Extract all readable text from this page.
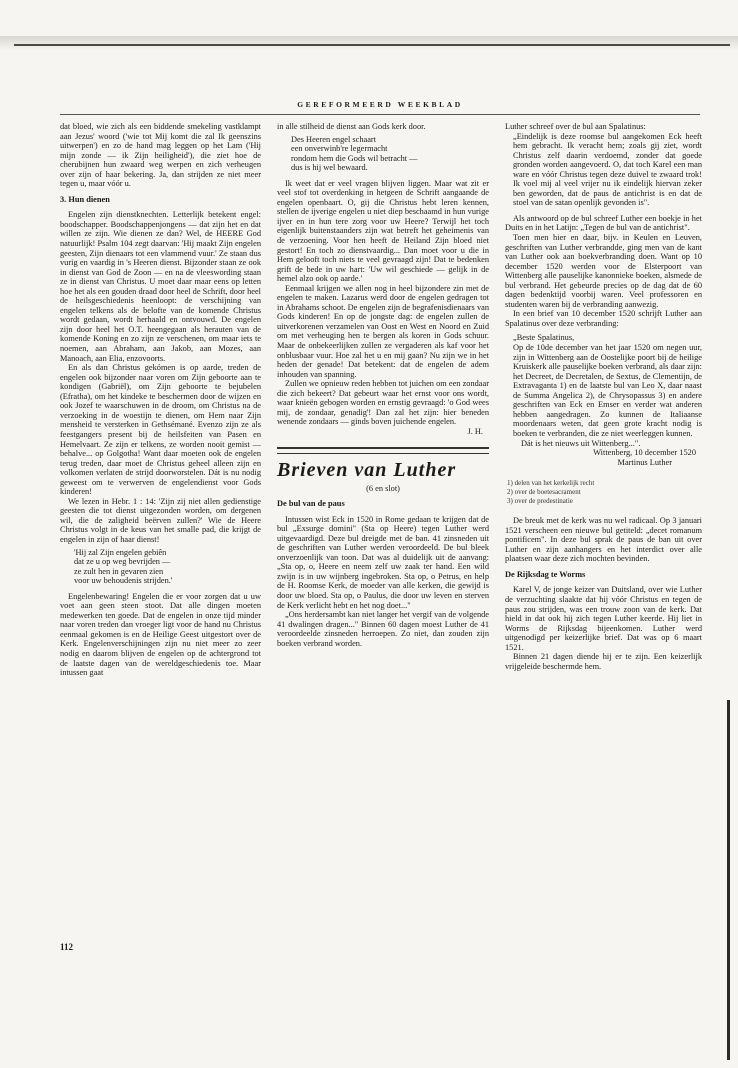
GEREFORMEERD WEEKBLAD

dat bloed, wie zich als een biddende smekeling vastklampt aan Jezus' woord ('wie tot Mij komt die zal Ik geenszins uitwerpen') en zo de hand mag leggen op het Lam ('Hij mijn zonde — ik Zijn heiligheid'), die ziet hoe de cherubijnen hun zwaard weg werpen en zich verheugen over zijn of haar bekering. Ja, dan strijden ze niet meer tegen u, maar vóór u.

3. Hun dienen

Engelen zijn dienstknechten. Letterlijk betekent engel: boodschapper. Boodschappenjongens — dat zijn het en dat willen ze zijn. Wie dienen ze dan? Wel, de HEERE God natuurlijk! Psalm 104 zegt daarvan: 'Hij maakt Zijn engelen geesten, Zijn dienaars tot een vlammend vuur.' Ze staan dus vurig en vaardig in 's Heeren dienst. Bijzonder staan ze ook in dienst van God de Zoon — en na de vleeswording staan ze in dienst van Christus. U moet daar maar eens op letten hoe het als een gouden draad door heel de Schrift, door heel de heilsgeschiedenis heenloopt: de verschijning van engelen telkens als de belofte van de komende Christus wordt gedaan, wordt herhaald en ontvouwd. De engelen zijn door heel het O.T. heengegaan als herauten van de komende Koning en zo zijn ze verschenen, om maar iets te noemen, aan Abraham, aan Jakob, aan Mozes, aan Manoach, aan Elia, enzovoorts.

En als dan Christus gekómen is op aarde, treden de engelen ook bijzonder naar voren om Zijn geboorte aan te kondigen (Gabriël), om Zijn geboorte te bejubelen (Efratha), om het kindeke te beschermen door de wijzen en ook Jozef te waarschuwen in de droom, om Christus na de verzoeking in de woestijn te dienen, om Hem naar Zijn mensheid te versterken in Gethsémané. Evenzo zijn ze als feestgangers present bij de heilsfeiten van Pasen en Hemelvaart. Ze zijn er telkens, ze worden nooit gemist — behalve... op Golgotha! Want daar moeten ook de engelen terug treden, daar moet de Christus geheel alleen zijn en volkomen verlaten de strijd doorworstelen. Dát is nu nodig geweest om te verwerven de engelendienst voor Gods kinderen!

We lezen in Hebr. 1 : 14: 'Zijn zij niet allen gedienstige geesten die tot dienst uitgezonden worden, om dergenen wil, die de zaligheid beërven zullen?' Wie de Heere Christus volgt in de keus van het smalle pad, die krijgt de engelen in zijn of haar dienst!

'Hij zal Zijn engelen gebiên
dat ze u op weg bevrijden —
ze zult hen in gevaren zien
voor uw behoudenis strijden.'

Engelenbewaring! Engelen die er voor zorgen dat u uw voet aan geen steen stoot. Dat alle dingen moeten medewerken ten goede. Dat de engelen in onze tijd minder naar voren treden dan vroeger ligt voor de hand nu Christus eenmaal gekomen is en de Heilige Geest uitgestort over de Kerk. Engelenverschijningen zijn nu niet meer zo zeer nodig en daarom blijven de engelen op de achtergrond tot de laatste dagen van de wereldgeschiedenis toe. Maar intussen gaat

in alle stilheid de dienst aan Gods kerk door.

Des Heeren engel schaart
een onverwinb're legermacht
rondom hem die Gods wil betracht —
dus is hij wel bewaard.

Ik weet dat er veel vragen blijven liggen. Maar wat zit er veel stof tot overdenking in hetgeen de Schrift aangaande de engelen openbaart. O, gij die Christus hebt leren kennen, stellen de ijverige engelen u niet diep beschaamd in hun vurige ijver en in hun tere zorg voor uw Heere? Terwijl het toch eigenlijk buitenstaanders zijn wat betreft het geheimenis van de verzoening. Voor hen heeft de Heiland Zijn bloed niet gestort! En toch zo dienstvaardig... Dan moet voor u die in Hem gelooft toch niets te veel gevraagd zijn! Dat te bedenken grift de bede in uw hart: 'Uw wil geschiede — gelijk in de hemel alzo ook op aarde.'

Eenmaal krijgen we allen nog in heel bijzondere zin met de engelen te maken. Lazarus werd door de engelen gedragen tot in Abrahams schoot. De engelen zijn de begrafenisdienaars van Gods kinderen! En op de jongste dag: de engelen zullen de uitverkorenen verzamelen van Oost en West en Noord en Zuid om met verheuging hen te bergen als koren in Gods schuur. Maar de onbekeerlijken zullen ze vergaderen als kaf voor het onblusbaar vuur. Hoe zal het u en mij gaan? Nu zijn we in het heden der genade! Dat betekent: dat de engelen de adem inhouden van spanning.

Zullen we opnieuw reden hebben tot juichen om een zondaar die zich bekeert? Dat gebeurt waar het ernst voor ons wordt, waar knieën gebogen worden en ernstig gevraagd: 'o God wees mij, de zondaar, genadig'! Dan zal het zijn: hier beneden wenende zondaars — ginds boven juichende engelen.

J. H.

Brieven van Luther

(6 en slot)

De bul van de paus

Intussen wist Eck in 1520 in Rome gedaan te krijgen dat de bul „Exsurge domini" (Sta op Heere) tegen Luther werd uitgevaardigd. Deze bul dreigde met de ban. 41 zinsneden uit de geschriften van Luther werden veroordeeld. De bul bleek onverzoenlijk van toon. Dat was al duidelijk uit de aanvang: „Sta op, o, Heere en neem zelf uw zaak ter hand. Een wild zwijn is in uw wijnberg ingebroken. Sta op, o Petrus, en help de H. Roomse Kerk, de moeder van alle kerken, die gewijd is door uw bloed. Sta op, o Paulus, die door uw leven en sterven de Kerk verlicht hebt en het nog doet..."

„Ons herdersambt kan niet langer het vergif van de volgende 41 dwalingen dragen..." Binnen 60 dagen moest Luther de 41 veroordeelde zinsneden herroepen. Zo niet, dan zouden zijn boeken verbrand worden.

Luther schreef over de bul aan Spalatinus:

„Eindelijk is deze roomse bul aangekomen Eck heeft hem gebracht. Ik veracht hem; zoals gij ziet, wordt Christus zelf daarin verdoemd, zonder dat goede gronden worden aangevoerd. O, dat toch Karel een man ware en vóór Christus tegen deze duivel te zwaard trok! Ik voel mij al veel vrijer nu ik eindelijk hiervan zeker ben geworden, dat de paus de antichrist is en dat de stoel van de satan openlijk gevonden is".

Als antwoord op de bul schreef Luther een boekje in het Duits en in het Latijn: „Tegen de bul van de antichrist".

Toen men hier en daar, bijv. in Keulen en Leuven, geschriften van Luther verbrandde, ging men van de kant van Luther ook aan boekverbranding doen. Want op 10 december 1520 werden voor de Elsterpoort van Wittenberg alle pauselijke kanonnieke boeken, alsmede de bul verbrand. Het gebeurde precies op de dag dat de 60 dagen bedenktijd voorbij waren. Veel professoren en studenten waren bij de verbranding aanwezig.

In een brief van 10 december 1520 schrijft Luther aan Spalatinus over deze verbranding:

„Beste Spalatinus,

Op de 10de december van het jaar 1520 om negen uur, zijn in Wittenberg aan de Oostelijke poort bij de heilige Kruiskerk alle pauselijke boeken verbrand, als daar zijn: het Decreet, de Decretalen, de Sextus, de Clementijn, de Extravaganta 1) en de laatste bul van Leo X, daar naast de Summa Angelica 2), de Chrysopassus 3) en andere geschriften van Eck en Emser en verder wat anderen hebben aangedragen. Zo kunnen de Italiaanse moordenaars weten, dat geen grote kracht nodig is boeken te verbranden, die ze niet weerleggen kunnen.

Dát is het nieuws uit Wittenberg...".

Wittenberg, 10 december 1520

Martinus Luther

1) delen van het kerkelijk recht
2) over de boetesacrament
3) over de predestinatie

De breuk met de kerk was nu wel radicaal. Op 3 januari 1521 verscheen een nieuwe bul getiteld: „decet romanum pontificem". In deze bul sprak de paus de ban uit over Luther en zijn aanhangers en het interdict over alle plaatsen waar deze zich mochten bevinden.

De Rijksdag te Worms

Karel V, de jonge keizer van Duitsland, over wie Luther de verzuchting slaakte dat hij vóór Christus en tegen de paus zou strijden, was een trouw zoon van de kerk. Dat hield in dat ook hij zich tegen Luther keerde. Hij liet in Worms de Rijksdag bijeenkomen. Luther werd uitgenodigd per keizerlijke brief. Dat was op 6 maart 1521.

Binnen 21 dagen diende hij er te zijn. Een keizerlijk vrijgeleide beschermde hem.

112
